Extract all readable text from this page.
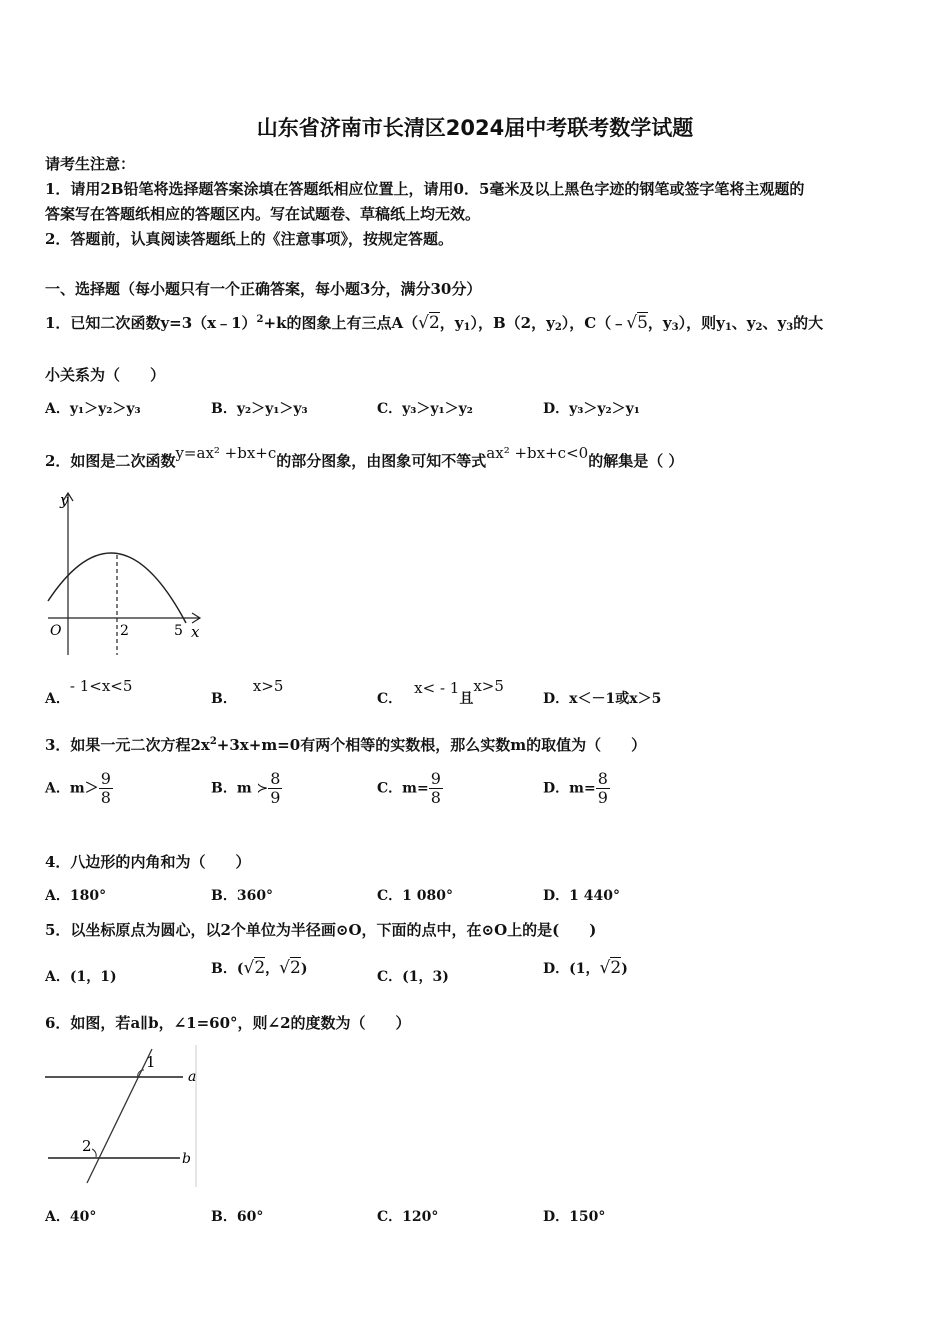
山东省济南市长清区2024届中考联考数学试题
请考生注意：
1．请用2B铅笔将选择题答案涂填在答题纸相应位置上，请用0．5毫米及以上黑色字迹的钢笔或签字笔将主观题的
答案写在答题纸相应的答题区内。写在试题卷、草稿纸上均无效。
2．答题前，认真阅读答题纸上的《注意事项》，按规定答题。
一、选择题（每小题只有一个正确答案，每小题3分，满分30分）
1．已知二次函数y=3（x﹣1）$^2$+k的图象上有三点A（√2，$y_1$），B（2，$y_2$），C（﹣√5，$y_3$），则$y_1$、$y_2$、$y_3$的大
小关系为（　　）
A．y₁＞y₂＞y₃	B．y₂＞y₁＞y₃	C．y₃＞y₁＞y₂	D．y₃＞y₂＞y₁
2．如图是二次函数y=ax² +bx+c的部分图象，由图象可知不等式ax² +bx+c<0的解集是（ ）
y
x
O	2	5
A．- 1<x<5
B．x>5
C．x< - 1且x>5
D．x＜－1或x＞5
3．如果一元二次方程$2x^2+3x+m=0$有两个相等的实数根，那么实数m的取值为（　　）
A．$m> \frac{9}{8}$	B．m ≻ $\frac{8}{9}$	C．$m= \frac{9}{8}$	D．$m= \frac{8}{9}$
4．八边形的内角和为（　　）
A．180°	B．360°	C．1 080°	D．1 440°
5．以坐标原点为圆心，以2个单位为半径画⊙O，下面的点中，在⊙O上的是(　　)
A．(1，1)	B．(√2，√2)	C．(1，3)	D．(1，√2)
6．如图，若a∥b，∠1=60°，则∠2的度数为（　　）
1
2
a
b
A．40°	B．60°	C．120°	D．150°
